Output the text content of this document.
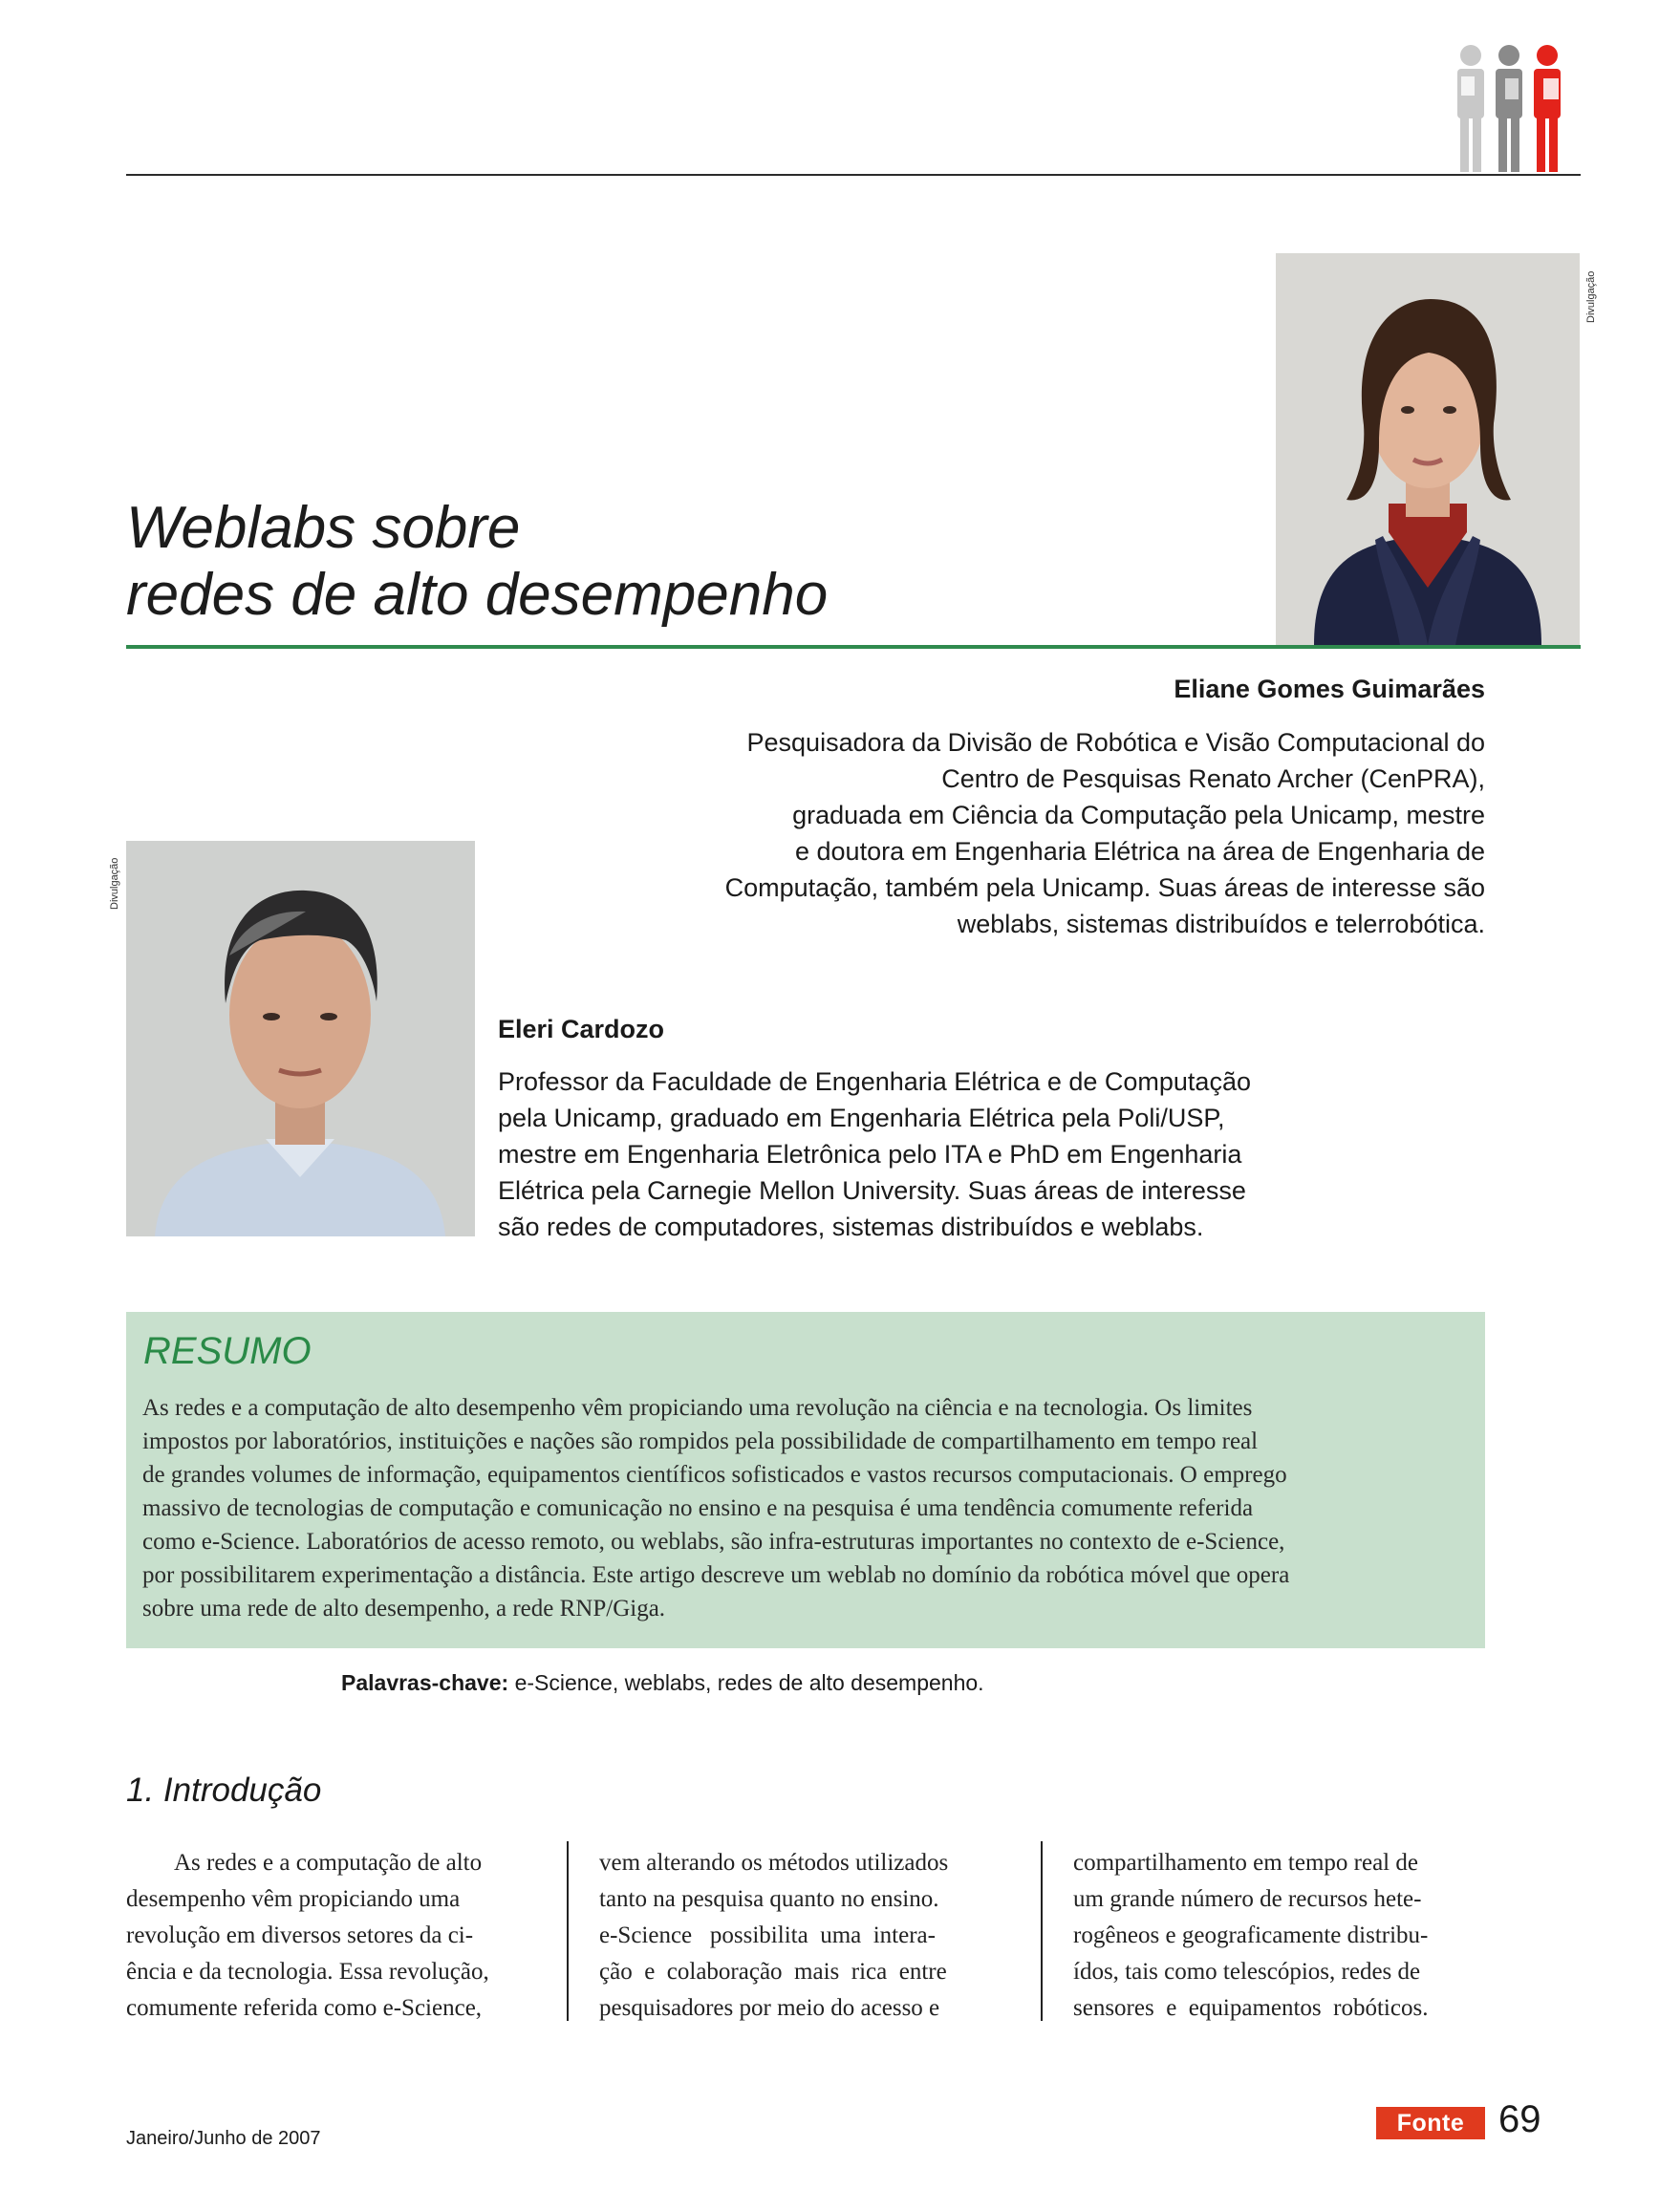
Weblabs sobre
redes de alto desempenho
Divulgação
Eliane Gomes Guimarães
Pesquisadora da Divisão de Robótica e Visão Computacional do
Centro de Pesquisas Renato Archer (CenPRA),
graduada em Ciência da Computação pela Unicamp, mestre
e doutora em Engenharia Elétrica na área de Engenharia de
Computação, também pela Unicamp. Suas áreas de interesse são
weblabs, sistemas distribuídos e telerrobótica.
Divulgação
Eleri Cardozo
Professor da Faculdade de Engenharia Elétrica e de Computação
pela Unicamp, graduado em Engenharia Elétrica pela Poli/USP,
mestre em Engenharia Eletrônica pelo ITA e PhD em Engenharia
Elétrica pela Carnegie Mellon University. Suas áreas de interesse
são redes de computadores, sistemas distribuídos e weblabs.
RESUMO
As redes e a computação de alto desempenho vêm propiciando uma revolução na ciência e na tecnologia. Os limites
impostos por laboratórios, instituições e nações são rompidos pela possibilidade de compartilhamento em tempo real
de grandes volumes de informação, equipamentos científicos sofisticados e vastos recursos computacionais. O emprego
massivo de tecnologias de computação e comunicação no ensino e na pesquisa é uma tendência comumente referida
como e-Science. Laboratórios de acesso remoto, ou weblabs, são infra-estruturas importantes no contexto de e-Science,
por possibilitarem experimentação a distância. Este artigo descreve um weblab no domínio da robótica móvel que opera
sobre uma rede de alto desempenho, a rede RNP/Giga.
Palavras-chave: e-Science, weblabs, redes de alto desempenho.
1. Introdução
As redes e a computação de alto
desempenho vêm propiciando uma
revolução em diversos setores da ci-
ência e da tecnologia. Essa revolução,
comumente referida como e-Science,
vem alterando os métodos utilizados
tanto na pesquisa quanto no ensino.
e-Science   possibilita  uma  intera-
ção  e  colaboração  mais  rica  entre
pesquisadores por meio do acesso e
compartilhamento em tempo real de
um grande número de recursos hete-
rogêneos e geograficamente distribu-
ídos, tais como telescópios, redes de
sensores  e  equipamentos  robóticos.
Janeiro/Junho de 2007
Fonte 69
